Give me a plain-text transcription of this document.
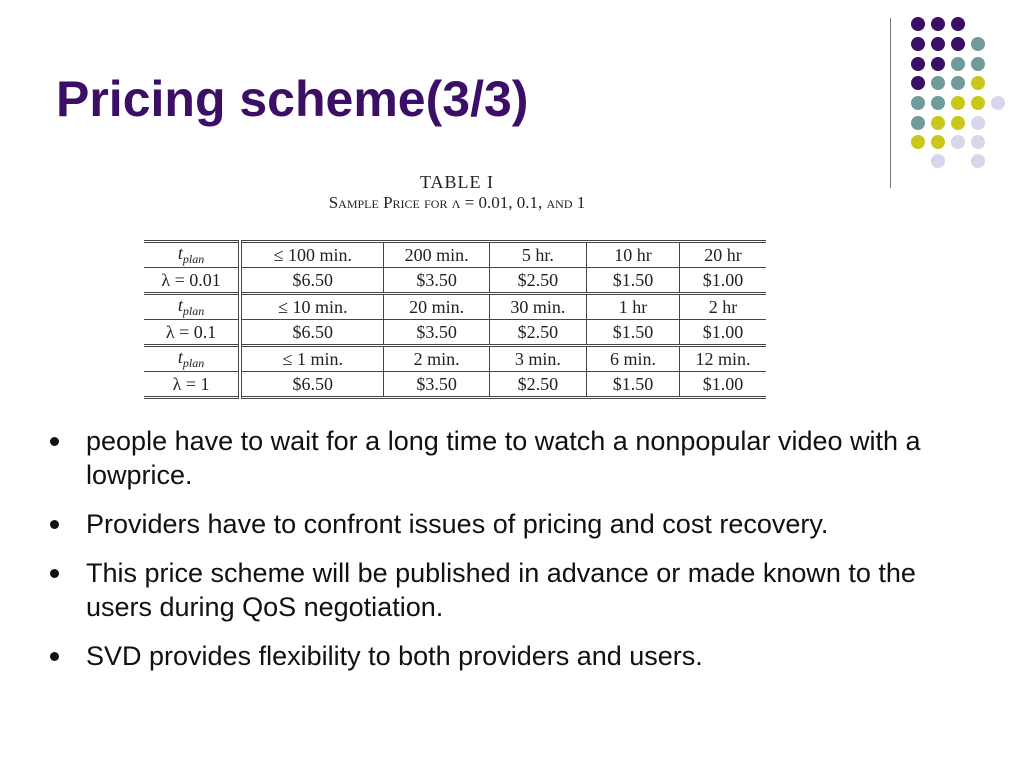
Pricing scheme(3/3)
TABLE I
Sample Price for λ = 0.01, 0.1, and 1
$t_{plan}$	≤ 100 min.	200 min.	5 hr.	10 hr	20 hr
λ = 0.01	$6.50	$3.50	$2.50	$1.50	$1.00
$t_{plan}$	≤ 10 min.	20 min.	30 min.	1 hr	2 hr
λ = 0.1	$6.50	$3.50	$2.50	$1.50	$1.00
$t_{plan}$	≤ 1 min.	2 min.	3 min.	6 min.	12 min.
λ = 1	$6.50	$3.50	$2.50	$1.50	$1.00
people have to wait for a long time to watch a nonpopular video with a lowprice.
Providers have to confront issues of pricing and cost recovery.
This price scheme will be published in advance or made known to the users during QoS negotiation.
SVD provides flexibility to both providers and users.
